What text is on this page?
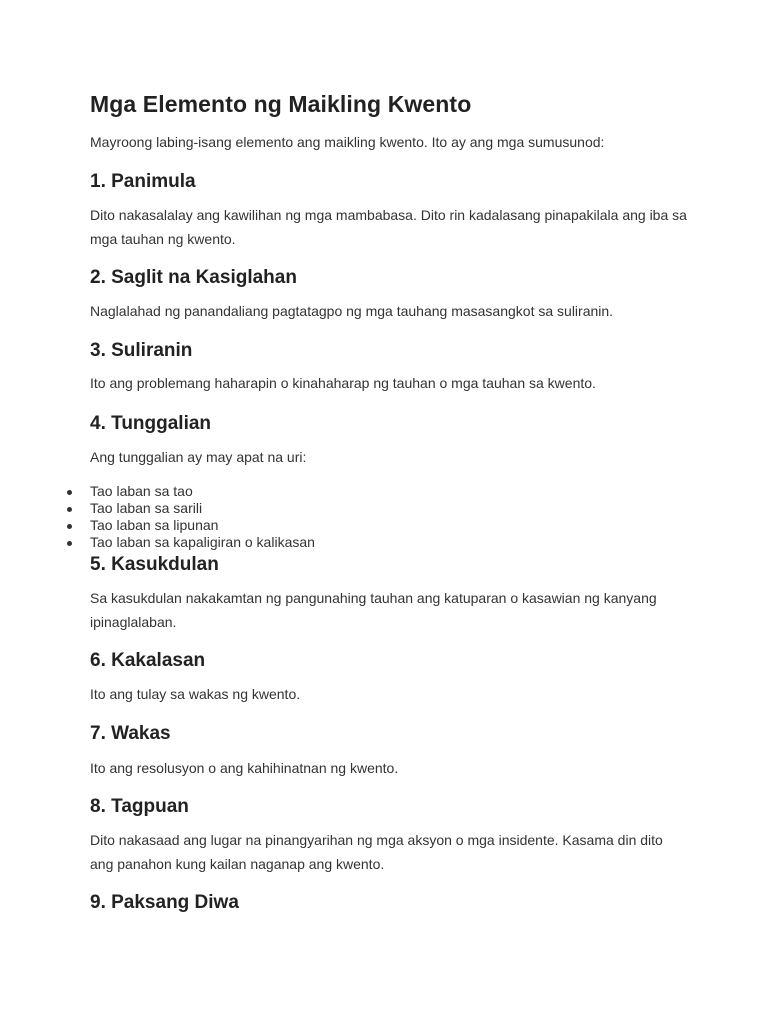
Mga Elemento ng Maikling Kwento

Mayroong labing-isang elemento ang maikling kwento. Ito ay ang mga sumusunod:

1. Panimula

Dito nakasalalay ang kawilihan ng mga mambabasa. Dito rin kadalasang pinapakilala ang iba sa mga tauhan ng kwento.

2. Saglit na Kasiglahan

Naglalahad ng panandaliang pagtatagpo ng mga tauhang masasangkot sa suliranin.

3. Suliranin

Ito ang problemang haharapin o kinahaharap ng tauhan o mga tauhan sa kwento.

4. Tunggalian

Ang tunggalian ay may apat na uri:

Tao laban sa tao
Tao laban sa sarili
Tao laban sa lipunan
Tao laban sa kapaligiran o kalikasan
5. Kasukdulan

Sa kasukdulan nakakamtan ng pangunahing tauhan ang katuparan o kasawian ng kanyang ipinaglalaban.

6. Kakalasan

Ito ang tulay sa wakas ng kwento.

7. Wakas

Ito ang resolusyon o ang kahihinatnan ng kwento.

8. Tagpuan

Dito nakasaad ang lugar na pinangyarihan ng mga aksyon o mga insidente. Kasama din dito ang panahon kung kailan naganap ang kwento.

9. Paksang Diwa
